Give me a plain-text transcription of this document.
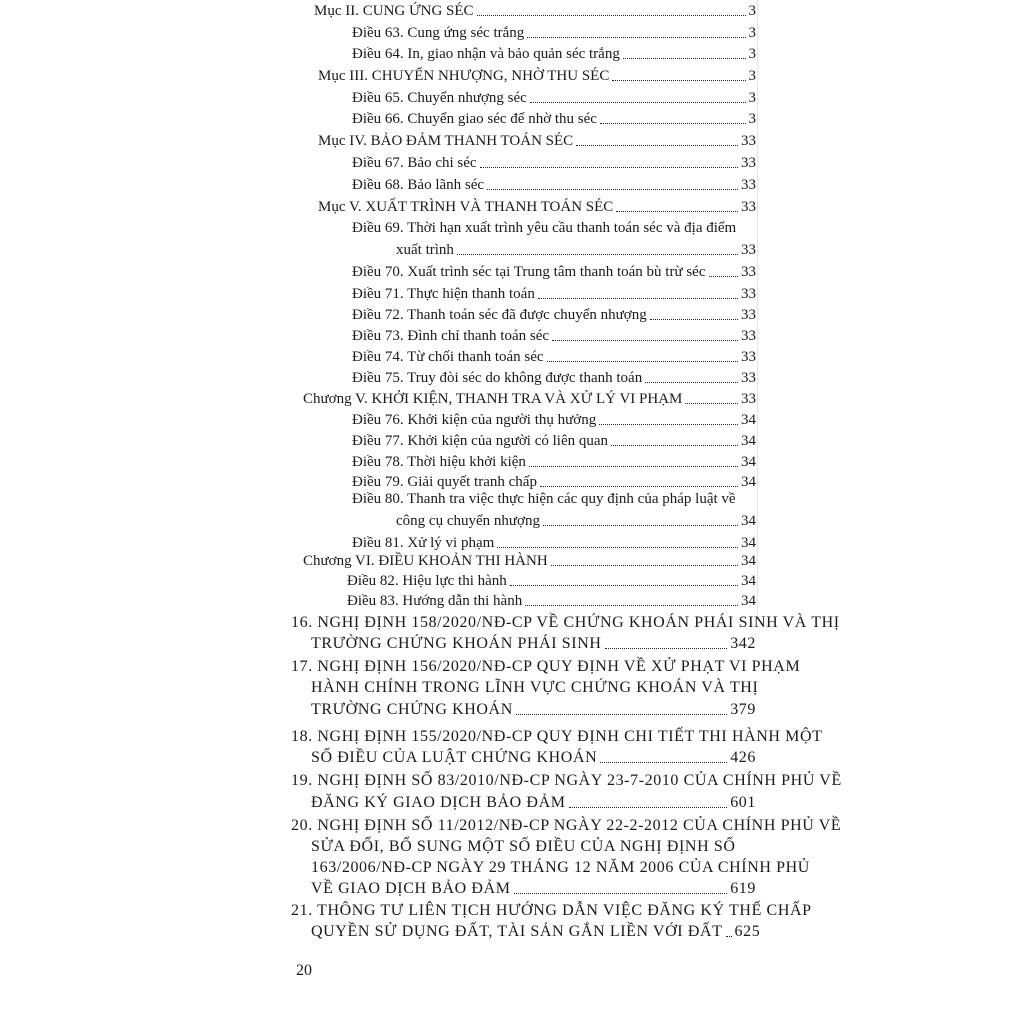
Mục II. CUNG ỨNG SÉC	3
Điều 63. Cung ứng séc trắng	3
Điều 64. In, giao nhận và bảo quản séc trắng	3
Mục III. CHUYỂN NHƯỢNG, NHỜ THU SÉC	3
Điều 65. Chuyển nhượng séc	3
Điều 66. Chuyển giao séc để nhờ thu séc	3
Mục IV. BẢO ĐẢM THANH TOÁN SÉC	33
Điều 67. Bảo chi séc	33
Điều 68. Bảo lãnh séc	33
Mục V. XUẤT TRÌNH VÀ THANH TOÁN SÉC	33
Điều 69. Thời hạn xuất trình yêu cầu thanh toán séc và địa điểm
xuất trình	33
Điều 70. Xuất trình séc tại Trung tâm thanh toán bù trừ séc 33
Điều 71. Thực hiện thanh toán	33
Điều 72. Thanh toán séc đã được chuyển nhượng	33
Điều 73. Đình chỉ thanh toán séc	33
Điều 74. Từ chối thanh toán séc	33
Điều 75. Truy đòi séc do không được thanh toán	33
Chương V. KHỞI KIỆN, THANH TRA VÀ XỬ LÝ VI PHẠM	33
Điều 76. Khởi kiện của người thụ hưởng	34
Điều 77. Khởi kiện của người có liên quan	34
Điều 78. Thời hiệu khởi kiện	34
Điều 79. Giải quyết tranh chấp	34
Điều 80. Thanh tra việc thực hiện các quy định của pháp luật về
công cụ chuyển nhượng	34
Điều 81. Xử lý vi phạm	34
Chương VI. ĐIỀU KHOẢN THI HÀNH	34
Điều 82. Hiệu lực thi hành	34
Điều 83. Hướng dẫn thi hành	34
16. NGHỊ ĐỊNH 158/2020/NĐ-CP VỀ CHỨNG KHOÁN PHÁI SINH VÀ THỊ
TRƯỜNG CHỨNG KHOÁN PHÁI SINH	342
17. NGHỊ ĐỊNH 156/2020/NĐ-CP QUY ĐỊNH VỀ XỬ PHẠT VI PHẠM
HÀNH CHÍNH TRONG LĨNH VỰC CHỨNG KHOÁN VÀ THỊ
TRƯỜNG CHỨNG KHOÁN	379
18. NGHỊ ĐỊNH 155/2020/NĐ-CP QUY ĐỊNH CHI TIẾT THI HÀNH MỘT
SỐ ĐIỀU CỦA LUẬT CHỨNG KHOÁN	426
19. NGHỊ ĐỊNH SỐ 83/2010/NĐ-CP NGÀY 23-7-2010 CỦA CHÍNH PHỦ VỀ
ĐĂNG KÝ GIAO DỊCH BẢO ĐẢM	601
20. NGHỊ ĐỊNH SỐ 11/2012/NĐ-CP NGÀY 22-2-2012 CỦA CHÍNH PHỦ VỀ
SỬA ĐỔI, BỔ SUNG MỘT SỐ ĐIỀU CỦA NGHỊ ĐỊNH SỐ
163/2006/NĐ-CP NGÀY 29 THÁNG 12 NĂM 2006 CỦA CHÍNH PHỦ
VỀ GIAO DỊCH BẢO ĐẢM	619
21. THÔNG TƯ LIÊN TỊCH HƯỚNG DẪN VIỆC ĐĂNG KÝ THẾ CHẤP
QUYỀN SỬ DỤNG ĐẤT, TÀI SẢN GẮN LIỀN VỚI ĐẤT 625
20
